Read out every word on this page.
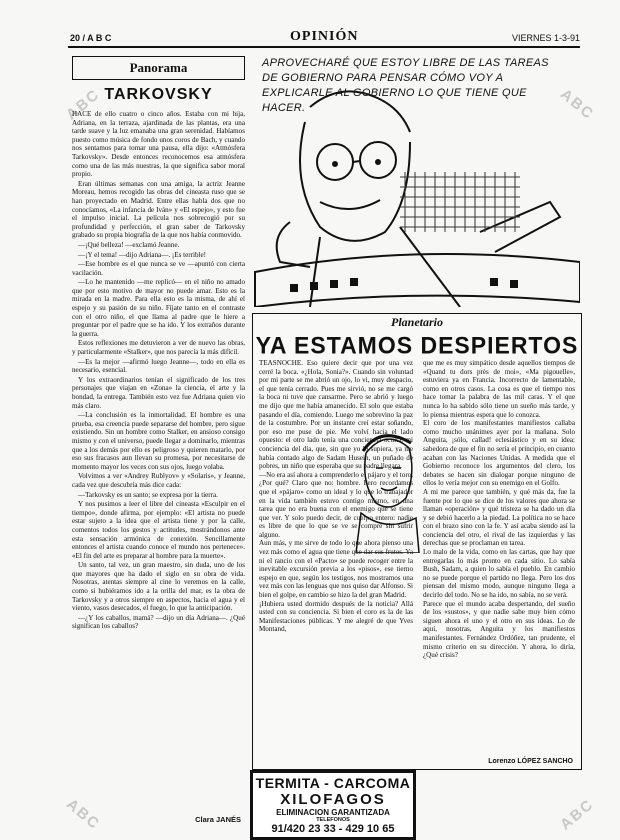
20 / A B C	OPINIÓN	VIERNES 1-3-91
ABC	ABC
ABC	ABC
Panorama
TARKOVSKY

HACE de ello cuatro o cinco años. Estaba con mi hija, Adriana, en la terraza, ajardinada de las plantas, era una tarde suave y la luz emanaba una gran serenidad. Habíamos puesto como música de fondo unos coros de Bach, y cuando nos sentamos para tomar una pausa, ella dijo: «Atmósfera Tarkovsky». Desde entonces reconocemos esa atmósfera como una de las más nuestras, la que significa sabor moral propio.

Eran últimas semanas con una amiga, la actriz Jeanne Moreau, hemos recogido las obras del cineasta ruso que se han proyectado en Madrid. Entre ellas habla dos que no conocíamos, «La infancia de Iván» y «El espejo», y esto fue el impulso inicial. La película nos sobrecogió por su profundidad y perfección, el gran saber de Tarkovsky grabado su propia biografía de la que nos había conmovido.

—¡Qué belleza! —exclamó Jeanne.

—¡Y el tema! —dijo Adriana—. ¡Es terrible!

—Ese hombre es el que nunca se ve —apuntó con cierta vacilación.

—Lo he mantenido —me replicó— en el niño no amado que por esto motivo de mayor no puede amar. Esto es la mirada en la madre. Para ella esto es la misma, de ahí el espejo y su pasión de su niño. Fíjate tanto en el contraste con el otro niño, el que llama al padre que le hiere a preguntar por el padre que se ha ido. Y los extraños durante la guerra.

Estos reflexiones me detuvieron a ver de nuevo las obras, y particularmente «Stalker», que nos parecía la más difícil.

—Es la mejor —afirmó luego Jeanne—, todo en ella es necesario, esencial.

Y los extraordinarios tenían el significado de los tres personajes que viajan en «Zona» la ciencia, el arte y la bondad, la entrega. También esto vez fue Adriana quien vio más claro.

—La conclusión es la inmortalidad. El hombre es una prueba, esa creencia puede separarse del hombre, pero sigue existiendo. Sin un hombre como Stalker, en ansioso consigo mismo y con el universo, puede llegar a dominarlo, mientras que a los demás por ello es peligroso y quieren matarlo, por eso sus fracasos aun llevan su promesa, por necesitarse de momento mayor los veces con sus ojos, luego volaba.

Volvimos a ver «Andrey Rublyov» y «Solaris», y Jeanne, cada vez que descubría más dice cada:

—Tarkovsky es un santo; se expresa por la tierra.

Y nos pusimos a leer el libre del cineasta «Esculpir en el tiempo», donde afirma, por ejemplo: «El artista no puede estar sujeto a la idea que el artista tiene y por la calle, comentos todos los gestos y actitudes, mostrándonos ante esta sensación armónica de conexión. Sencillamente entonces el artista cuando conoce el mundo nos pertenece». «El fin del arte es preparar al hombre para la muerte».

Un santo, tal vez, un gran maestro, sin duda, uno de los que mayores que ha dado el siglo en su obra de vida. Nosotras, atentas siempre al cine lo veremos en la calle, como si hubiéramos ido a la orilla del mar, es la obra de Tarkovsky y a otros siempre en aspectos, hacia el agua y el viento, vasos desecados, el fuego, lo que la anticipación.

—¿Y los caballos, mamá? —dijo un día Adriana—. ¿Qué significan los caballos?

Clara JANÉS
APROVECHARÉ QUE ESTOY LIBRE DE LAS TAREAS DE GOBIERNO PARA PENSAR CÓMO VOY A EXPLICARLE AL GOBIERNO LO QUE TIENE QUE HACER.
Planetario
YA ESTAMOS DESPIERTOS

TEASNOCHE. Eso quiere decir que por una vez cerré la boca. «¿Hola, Sonia?». Cuando sin voluntad por mi parte se me abrió un ojo, lo vi, muy despacio, el que tenía cerrado. Pues me sirvió, no se me cargó la boca ni tuve que cansarme. Pero se abrió y luego me dijo que me había amanecido. El solo que estaba pasando el día, comiendo. Luego me sobrevino la paz de la costumbre. Por un instante creí estar soñando, por eso me puse de pie. Me volví hacia el lado opuesto: el otro lado tenía una conciencia oculta, mi conciencia del día, que, sin que yo lo supiera, ya me había contado algo de Sadam Husein, un puñado de pobres, un niño que esperaba que su padre llegara.

—No era así ahora a comprenderlo el pájaro y el toro, ¿Por qué? Claro que no: hombre. Pero recordamos que el «pájaro» como un ideal y lo que lo trabajador en la vida también estuvo contigo mismo, en una tarea que no era buena con el enemigo que se tiene que ver. Y solo puedo decir, de cuerpo entero: nadie es libre de que lo que se ve se compre sin sufrir alguno.

Aun más, y me sirve de todo lo que ahora pienso una vez más como el agua que tiene que dar sus frutos. Ya ni el rancio con el «Pacto» se puede recoger entre la inevitable excursión previa a los «pisos», ese tierno espejo en que, según los testigos, nos mostramos una vez más con las lenguas que nos quiso dar Alfonso. Si bien el golpe, en cambio se hizo la del gran Madrid.

¡Hubiera usted dormido después de la noticia? Allá usted con su conciencia. Si bien el coro es la de las Manifestaciones públicas. Y me alegré de que Yves Montand,

que me es muy simpático desde aquellos tiempos de «Quand tu dors près de moi», «Ma pigouelle», estuviera ya en Francia. Incorrecto de lamentable, como en otros casos. La cosa es que el tiempo nos hace tomar la palabra de las mil caras. Y el que nunca lo ha sabido sólo tiene un sueño más tarde, y lo piensa mientras espera que lo conozca.

El coro de los manifestantes manifiestos callaba como mucho unánimes ayer por la mañana. Solo Anguita, ¡sólo, callad! eclesiástico y en su idea: sabedora de que el fin no sería el principio, en cuanto acaban con las Naciones Unidas. A medida que el Gobierno reconoce los argumentos del clero, los debates se hacen sin dialogar porque ninguno de ellos lo vería mejor con su enemigo en el Golfo.

A mi me parece que también, y qué más da, fue la fuente por lo que se dice de los valores que ahora se llaman «operación» y qué tristeza se ha dado un día y se debió hacerlo a la piedad. La política no se hace con el brazo sino con la fe. Y así acaba siendo así la conciencia del otro, el rival de las izquierdas y las derechas que se proclaman en tarea.

Lo malo de la vida, como en las cartas, que hay que entregarlas lo más pronto en cada sitio. Lo sabía Bush, Sadam, a quien lo sabía el pueblo. En cambio no se puede porque el partido no llega. Pero los dos piensan del mismo modo, aunque ninguno llega a decirlo del todo. No se ha ido, no sabía, no se verá.

Parece que el mundo acaba despertando, del sueño de los «sustos», y que nadie sabe muy bien cómo siguen ahora el uno y el otro en sus ideas. Lo de aquí, nosotras, Anguita y los manifiestos manifestantes. Fernández Ordóñez, tan prudente, el mismo criterio en su dirección. Y ahora, lo diría, ¿Qué crisis?

Lorenzo LÓPEZ SANCHO
TERMITA - CARCOMA
XILOFAGOS
ELIMINACION GARANTIZADA
TELEFONOS
91/420 23 33 - 429 10 65
